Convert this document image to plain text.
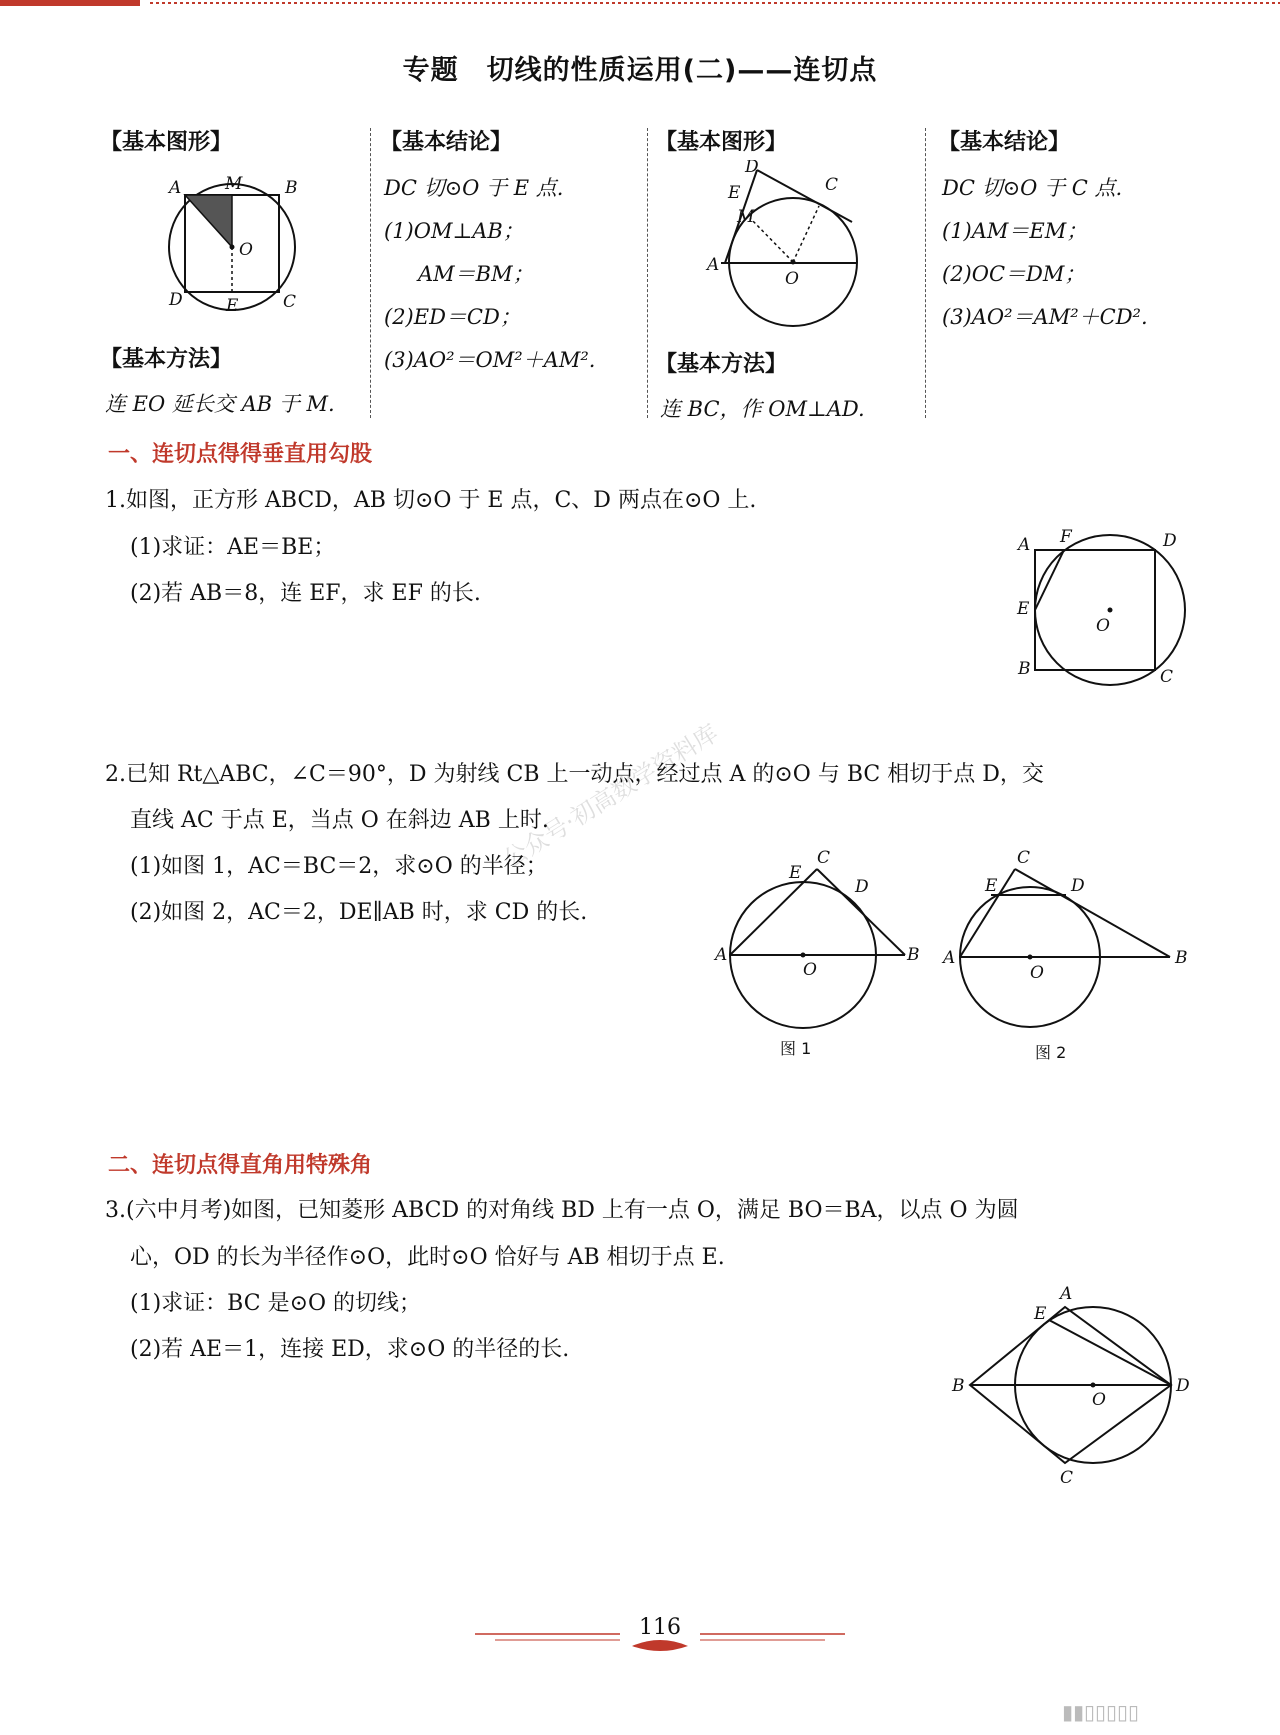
专题　切线的性质运用(二)——连切点
【基本图形】
A	M	B
O
D	E	C
【基本方法】
连 EO 延长交 AB 于 M.
【基本结论】
DC 切⊙O 于 E 点.
(1)OM⊥AB；
AM＝BM；
(2)ED＝CD；
(3)AO²＝OM²＋AM².
【基本图形】
D
C
E
M
A
O
【基本方法】
连 BC，作 OM⊥AD.
【基本结论】
DC 切⊙O 于 C 点.
(1)AM＝EM；
(2)OC＝DM；
(3)AO²＝AM²＋CD².
一、连切点得得垂直用勾股
1.如图，正方形 ABCD，AB 切⊙O 于 E 点，C、D 两点在⊙O 上.
(1)求证：AE＝BE；
(2)若 AB＝8，连 EF，求 EF 的长.
A F	D
E
O
B	C
2.已知 Rt△ABC，∠C＝90°，D 为射线 CB 上一动点，经过点 A 的⊙O 与 BC 相切于点 D，交
直线 AC 于点 E，当点 O 在斜边 AB 上时.
(1)如图 1，AC＝BC＝2，求⊙O 的半径；
(2)如图 2，AC＝2，DE∥AB 时，求 CD 的长.
C
E
D
A
O
B
图 1
C
E	D
A
O
B
图 2
公众号·初高数学资料库
二、连切点得直角用特殊角
3.(六中月考)如图，已知菱形 ABCD 的对角线 BD 上有一点 O，满足 BO＝BA，以点 O 为圆
心，OD 的长为半径作⊙O，此时⊙O 恰好与 AB 相切于点 E.
(1)求证：BC 是⊙O 的切线；
(2)若 AE＝1，连接 ED，求⊙O 的半径的长.
A
E
B
O
D
C
116
▮▮▯▯▯▯▯
